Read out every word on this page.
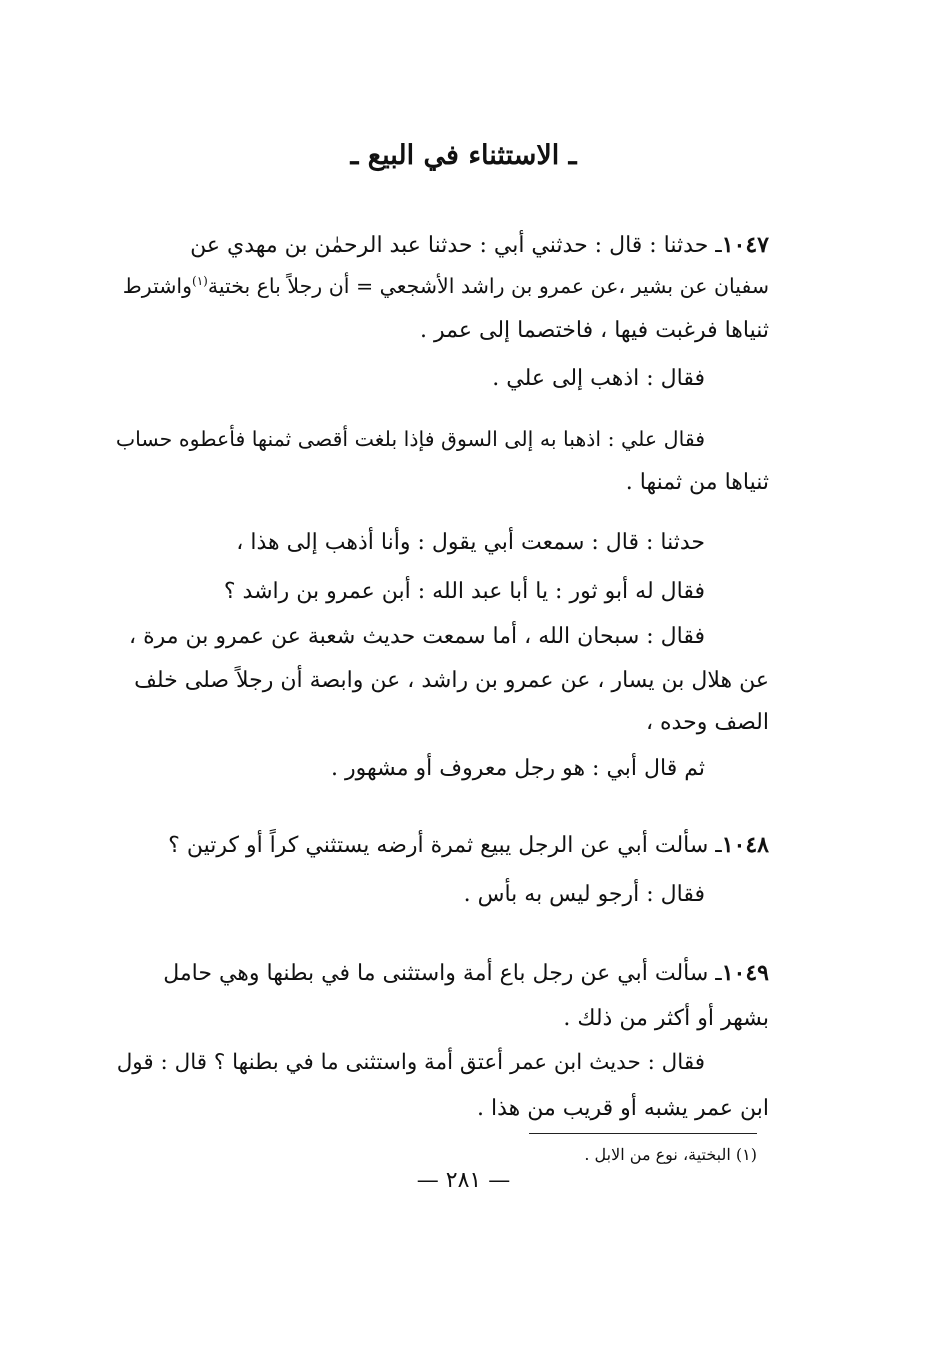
ـ الاستثناء في البيع ـ
١٠٤٧ـ حدثنا : قال : حدثني أبي : حدثنا عبد الرحمٰن بن مهدي عن
سفيان عن بشير ،عن عمرو بن راشد الأشجعي = أن رجلاً باع بختية$^{(١)}$واشترط
ثنياها فرغبت فيها ، فاختصما إلى عمر .
فقال : اذهب إلى علي .
فقال علي : اذهبا به إلى السوق فإذا بلغت أقصى ثمنها فأعطوه حساب
ثنياها من ثمنها .
حدثنا : قال : سمعت أبي يقول : وأنا أذهب إلى هذا ،
فقال له أبو ثور : يا أبا عبد الله : أبن عمرو بن راشد ؟
فقال : سبحان الله ، أما سمعت حديث شعبة عن عمرو بن مرة ،
عن هلال بن يسار ، عن عمرو بن راشد ، عن وابصة أن رجلاً صلى خلف
الصف وحده ،
ثم قال أبي : هو رجل معروف أو مشهور .
١٠٤٨ـ سألت أبي عن الرجل يبيع ثمرة أرضه يستثني كراً أو كرتين ؟
فقال : أرجو ليس به بأس .
١٠٤٩ـ سألت أبي عن رجل باع أمة واستثنى ما في بطنها وهي حامل
بشهر أو أكثر من ذلك .
فقال : حديث ابن عمر أعتق أمة واستثنى ما في بطنها ؟ قال : قول
ابن عمر يشبه أو قريب من هذا .
(١) البختية، نوع من الابل .
— ٢٨١ —
